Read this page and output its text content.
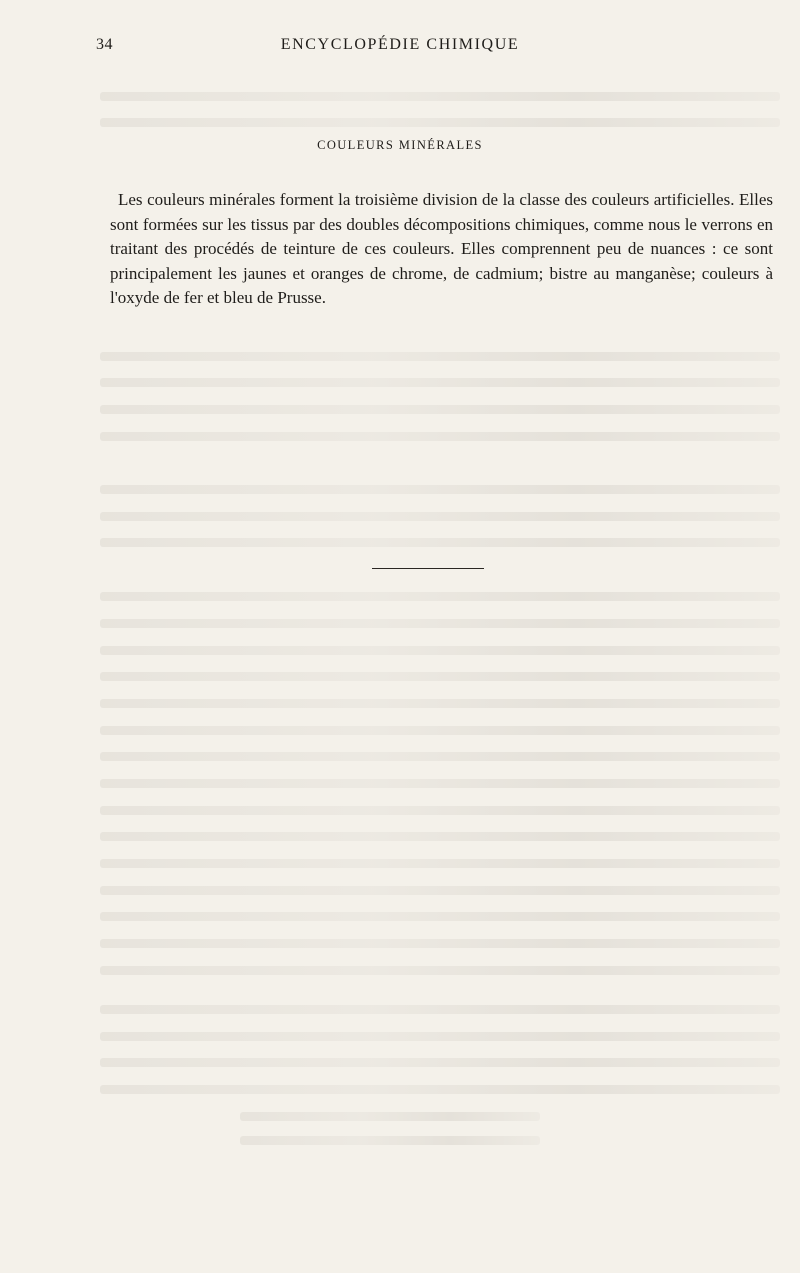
34	ENCYCLOPÉDIE CHIMIQUE
COULEURS MINÉRALES

Les couleurs minérales forment la troisième division de la classe des couleurs artificielles. Elles sont formées sur les tissus par des doubles décompositions chimiques, comme nous le verrons en traitant des procédés de teinture de ces couleurs. Elles comprennent peu de nuances : ce sont principalement les jaunes et oranges de chrome, de cadmium; bistre au manganèse; couleurs à l'oxyde de fer et bleu de Prusse.
